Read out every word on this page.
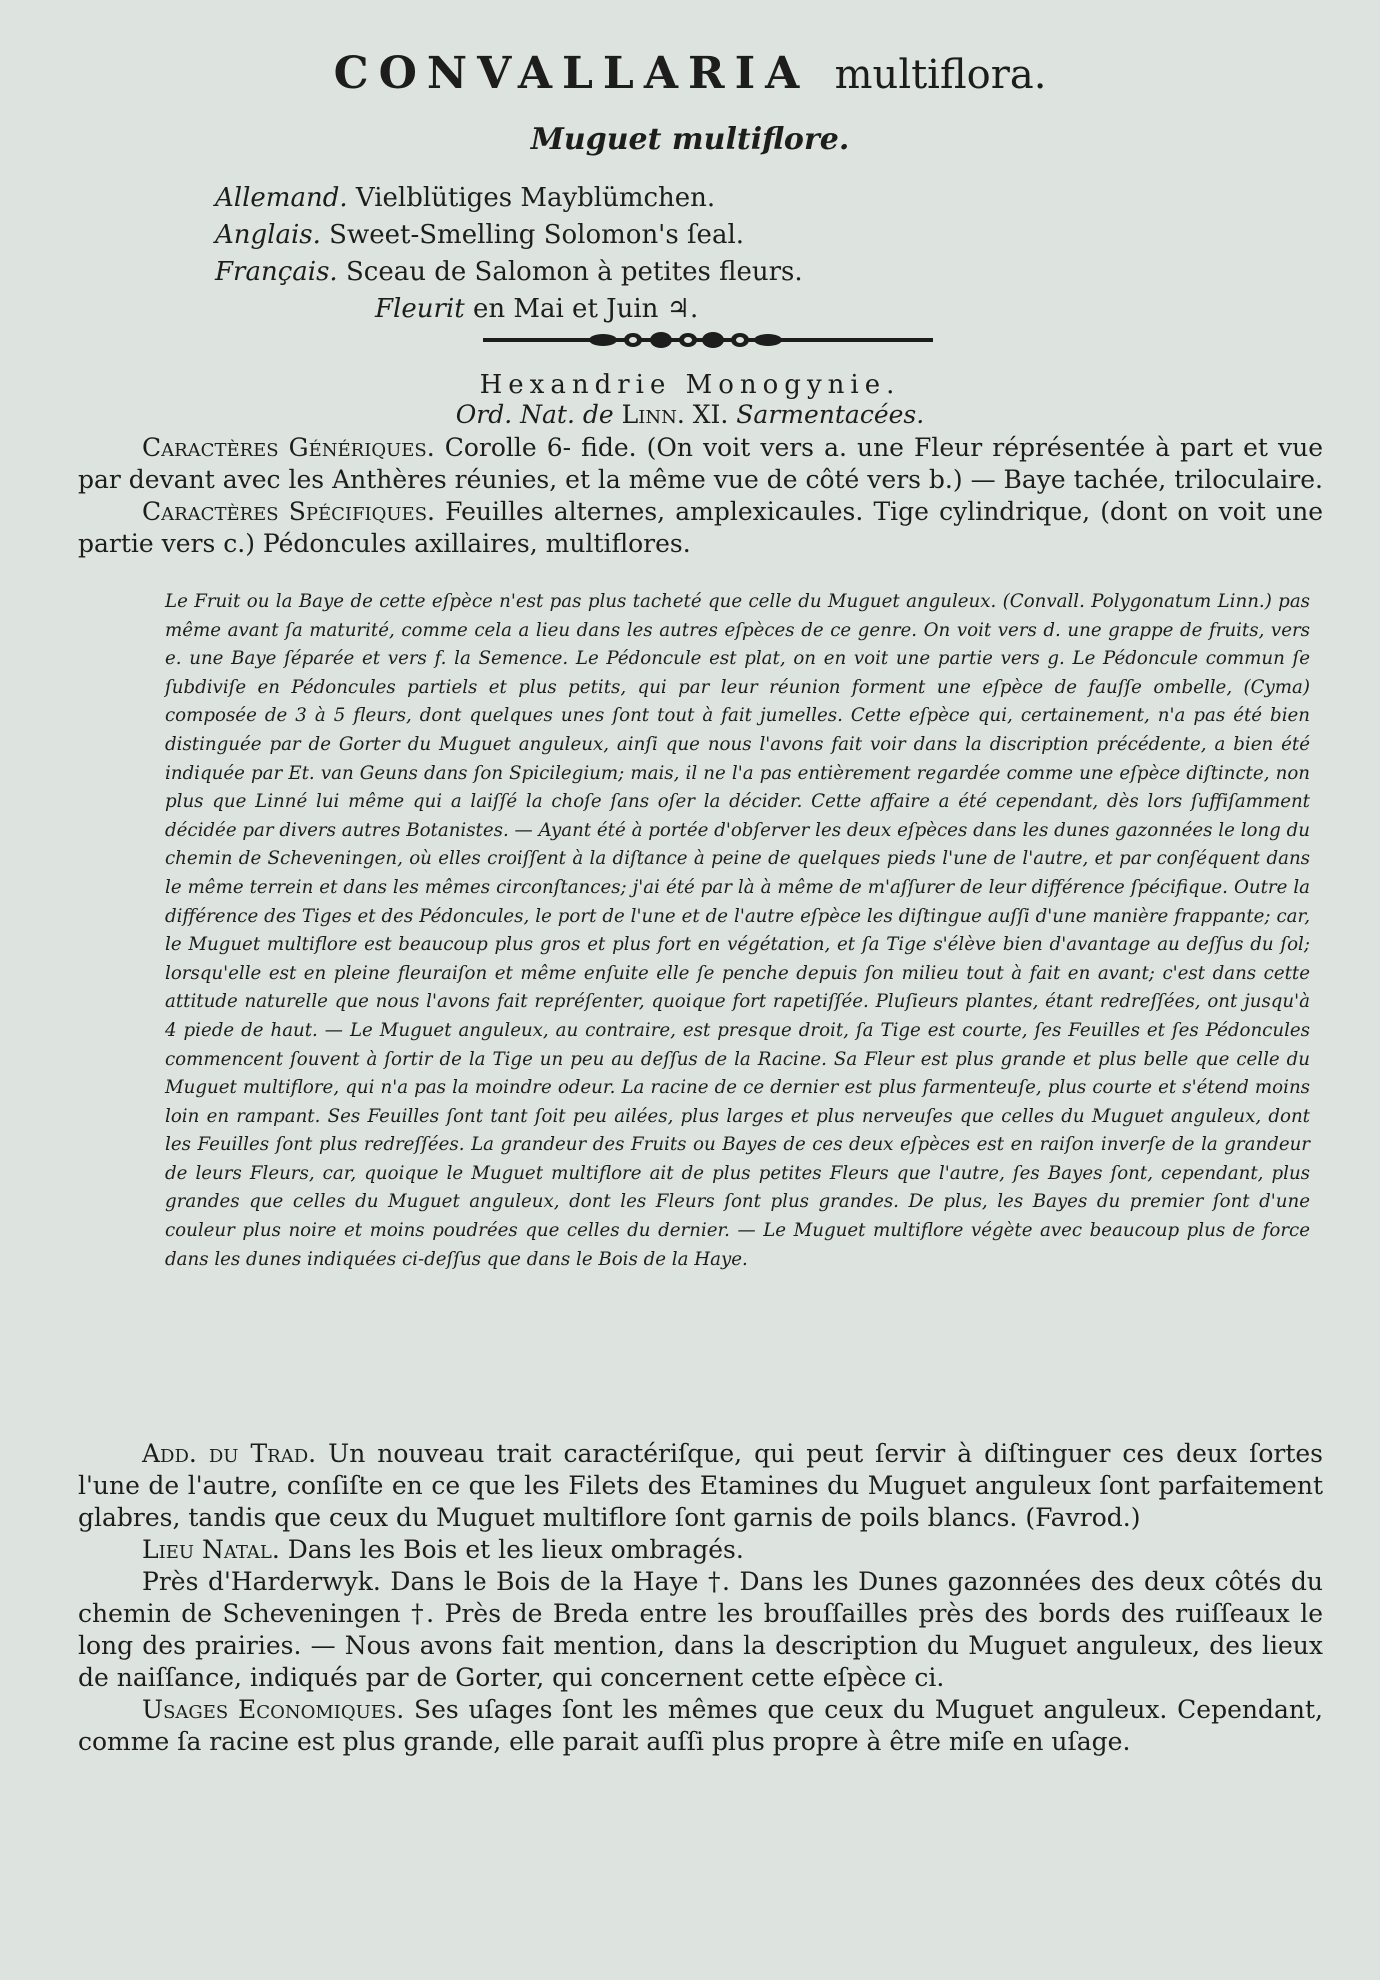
CONVALLARIA multiflora.
Muguet multiflore.
Allemand. Vielblütiges Mayblümchen.
Anglais. Sweet-Smelling Solomon's ſeal.
Français. Sceau de Salomon à petites fleurs.
Fleurit en Mai et Juin ♃.
Hexandrie Monogynie.
Ord. Nat. de Linn. XI. Sarmentacées.

Caractères Génériques. Corolle 6- fide. (On voit vers a. une Fleur réprésentée à part et vue par devant avec les Anthères réunies, et la même vue de côté vers b.) — Baye tachée, triloculaire.

Caractères Spécifiques. Feuilles alternes, amplexicaules. Tige cylindrique, (dont on voit une partie vers c.) Pédoncules axillaires, multiflores.

Le Fruit ou la Baye de cette eſpèce n'est pas plus tacheté que celle du Muguet anguleux. (Convall. Polygonatum Linn.) pas même avant ſa maturité, comme cela a lieu dans les autres eſpèces de ce genre. On voit vers d. une grappe de fruits, vers e. une Baye ſéparée et vers f. la Semence. Le Pédoncule est plat, on en voit une partie vers g. Le Pédoncule commun ſe ſubdiviſe en Pédoncules partiels et plus petits, qui par leur réunion forment une eſpèce de fauſſe ombelle, (Cyma) composée de 3 à 5 fleurs, dont quelques unes ſont tout à fait jumelles. Cette eſpèce qui, certainement, n'a pas été bien distinguée par de Gorter du Muguet anguleux, ainſi que nous l'avons fait voir dans la discription précédente, a bien été indiquée par Et. van Geuns dans ſon Spicilegium; mais, il ne l'a pas entièrement regardée comme une eſpèce diſtincte, non plus que Linné lui même qui a laiſſé la choſe ſans oſer la décider. Cette affaire a été cependant, dès lors ſuffiſamment décidée par divers autres Botanistes. — Ayant été à portée d'obſerver les deux eſpèces dans les dunes gazonnées le long du chemin de Scheveningen, où elles croiſſent à la diſtance à peine de quelques pieds l'une de l'autre, et par conſéquent dans le même terrein et dans les mêmes circonſtances; j'ai été par là à même de m'aſſurer de leur différence ſpécifique. Outre la différence des Tiges et des Pédoncules, le port de l'une et de l'autre eſpèce les diſtingue auſſi d'une manière frappante; car, le Muguet multiflore est beaucoup plus gros et plus fort en végétation, et ſa Tige s'élève bien d'avantage au deſſus du ſol; lorsqu'elle est en pleine fleuraiſon et même enſuite elle ſe penche depuis ſon milieu tout à fait en avant; c'est dans cette attitude naturelle que nous l'avons fait repréſenter, quoique fort rapetiſſée. Pluſieurs plantes, étant redreſſées, ont jusqu'à 4 piede de haut. — Le Muguet anguleux, au contraire, est presque droit, ſa Tige est courte, ſes Feuilles et ſes Pédoncules commencent ſouvent à ſortir de la Tige un peu au deſſus de la Racine. Sa Fleur est plus grande et plus belle que celle du Muguet multiflore, qui n'a pas la moindre odeur. La racine de ce dernier est plus farmenteuſe, plus courte et s'étend moins loin en rampant. Ses Feuilles ſont tant ſoit peu ailées, plus larges et plus nerveuſes que celles du Muguet anguleux, dont les Feuilles ſont plus redreſſées. La grandeur des Fruits ou Bayes de ces deux eſpèces est en raiſon inverſe de la grandeur de leurs Fleurs, car, quoique le Muguet multiflore ait de plus petites Fleurs que l'autre, ſes Bayes ſont, cependant, plus grandes que celles du Muguet anguleux, dont les Fleurs ſont plus grandes. De plus, les Bayes du premier ſont d'une couleur plus noire et moins poudrées que celles du dernier. — Le Muguet multiflore végète avec beaucoup plus de force dans les dunes indiquées ci-deſſus que dans le Bois de la Haye.

Add. du Trad. Un nouveau trait caractériſque, qui peut ſervir à diſtinguer ces deux ſortes l'une de l'autre, conſiſte en ce que les Filets des Etamines du Muguet anguleux ſont parfaitement glabres, tandis que ceux du Muguet multiflore ſont garnis de poils blancs. (Favrod.)

Lieu Natal. Dans les Bois et les lieux ombragés.

Près d'Harderwyk. Dans le Bois de la Haye †. Dans les Dunes gazonnées des deux côtés du chemin de Scheveningen †. Près de Breda entre les brouſſailles près des bords des ruiſſeaux le long des prairies. — Nous avons fait mention, dans la description du Muguet anguleux, des lieux de naiſſance, indiqués par de Gorter, qui concernent cette eſpèce ci.

Usages Economiques. Ses uſages ſont les mêmes que ceux du Muguet anguleux. Cependant, comme ſa racine est plus grande, elle parait auſſi plus propre à être miſe en uſage.
